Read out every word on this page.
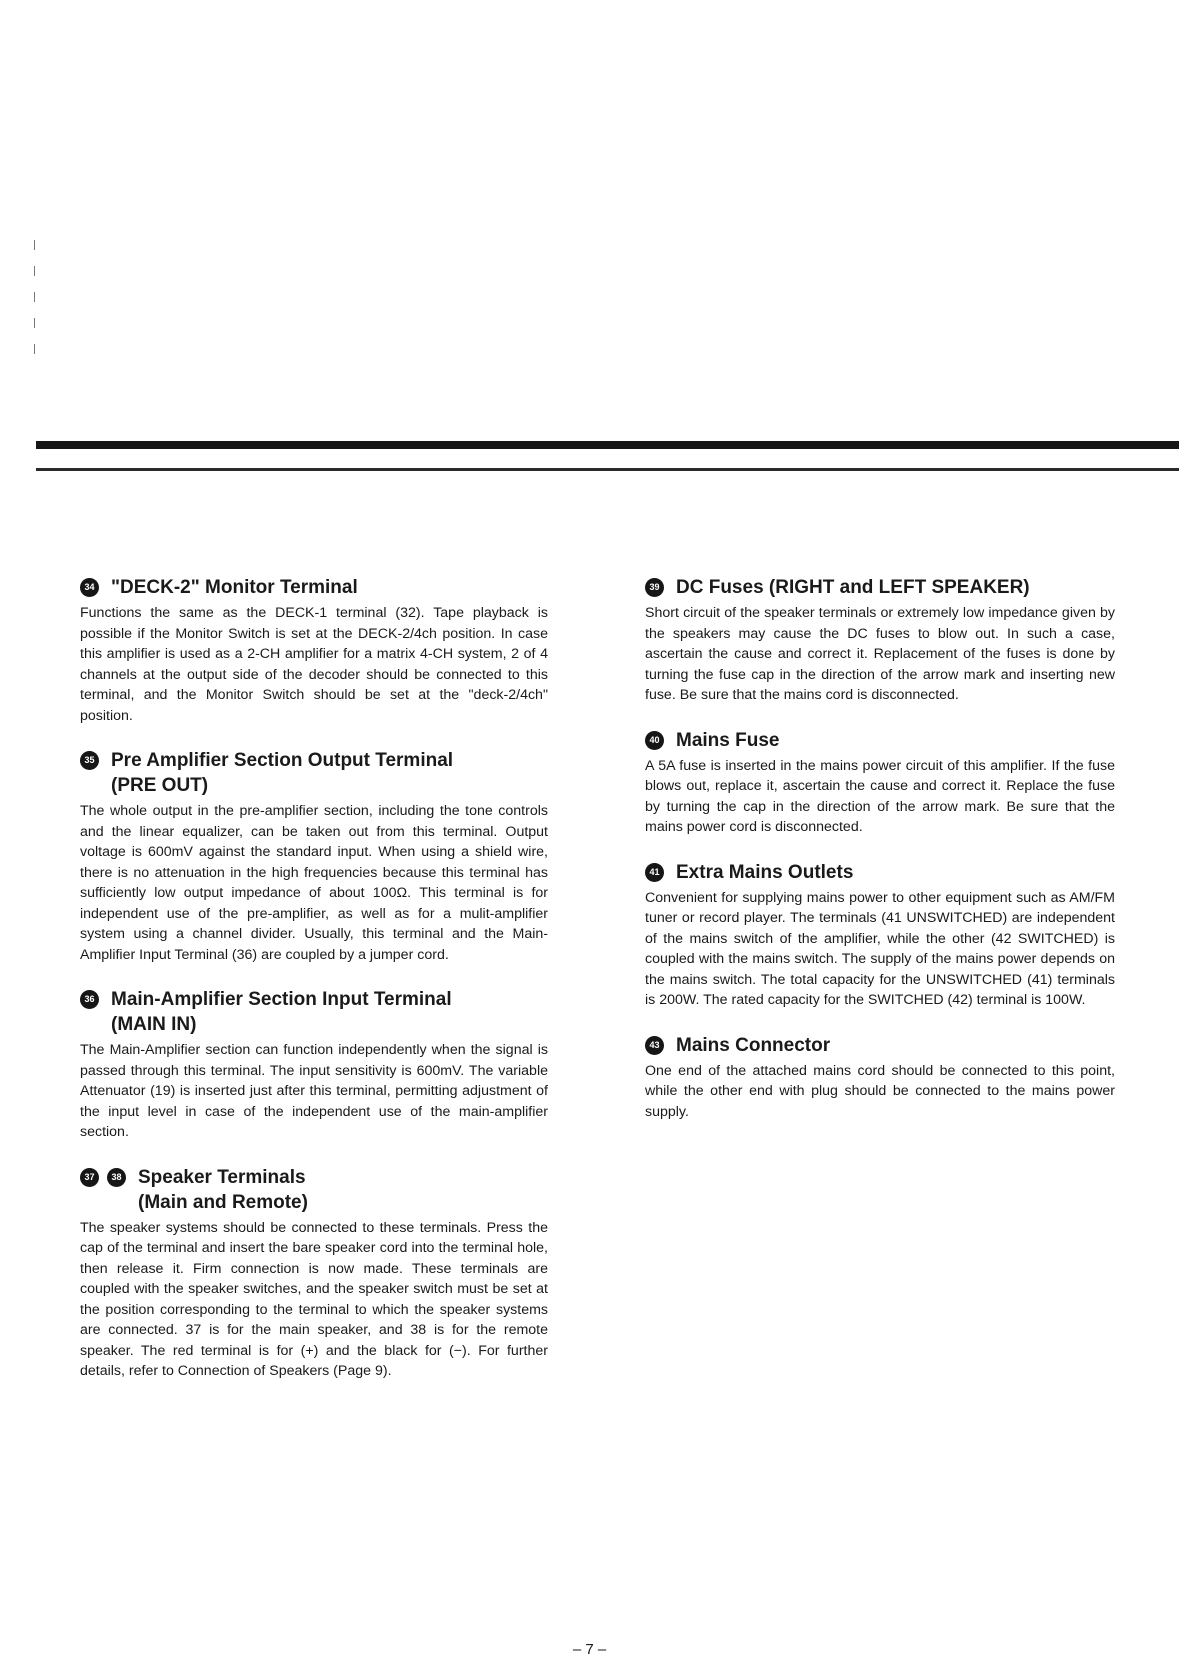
34 "DECK-2" Monitor Terminal

Functions the same as the DECK-1 terminal (32). Tape playback is possible if the Monitor Switch is set at the DECK-2/4ch position. In case this amplifier is used as a 2-CH amplifier for a matrix 4-CH system, 2 of 4 channels at the output side of the decoder should be connected to this terminal, and the Monitor Switch should be set at the "deck-2/4ch" position.

35 Pre Amplifier Section Output Terminal
(PRE OUT)

The whole output in the pre-amplifier section, including the tone controls and the linear equalizer, can be taken out from this terminal. Output voltage is 600mV against the standard input. When using a shield wire, there is no attenuation in the high frequencies because this terminal has sufficiently low output impedance of about 100Ω. This terminal is for independent use of the pre-amplifier, as well as for a mulit-amplifier system using a channel divider. Usually, this terminal and the Main-Amplifier Input Terminal (36) are coupled by a jumper cord.

36 Main-Amplifier Section Input Terminal
(MAIN IN)

The Main-Amplifier section can function independently when the signal is passed through this terminal. The input sensitivity is 600mV. The variable Attenuator (19) is inserted just after this terminal, permitting adjustment of the input level in case of the independent use of the main-amplifier section.

37	38 Speaker Terminals
(Main and Remote)

The speaker systems should be connected to these terminals. Press the cap of the terminal and insert the bare speaker cord into the terminal hole, then release it. Firm connection is now made. These terminals are coupled with the speaker switches, and the speaker switch must be set at the position corresponding to the terminal to which the speaker systems are connected. 37 is for the main speaker, and 38 is for the remote speaker. The red terminal is for (+) and the black for (−). For further details, refer to Connection of Speakers (Page 9).

39 DC Fuses (RIGHT and LEFT SPEAKER)

Short circuit of the speaker terminals or extremely low impedance given by the speakers may cause the DC fuses to blow out. In such a case, ascertain the cause and correct it. Replacement of the fuses is done by turning the fuse cap in the direction of the arrow mark and inserting new fuse. Be sure that the mains cord is disconnected.

40 Mains Fuse

A 5A fuse is inserted in the mains power circuit of this amplifier. If the fuse blows out, replace it, ascertain the cause and correct it. Replace the fuse by turning the cap in the direction of the arrow mark. Be sure that the mains power cord is disconnected.

41 Extra Mains Outlets

Convenient for supplying mains power to other equipment such as AM/FM tuner or record player. The terminals (41 UNSWITCHED) are independent of the mains switch of the amplifier, while the other (42 SWITCHED) is coupled with the mains switch. The supply of the mains power depends on the mains switch. The total capacity for the UNSWITCHED (41) terminals is 200W. The rated capacity for the SWITCHED (42) terminal is 100W.

43 Mains Connector

One end of the attached mains cord should be connected to this point, while the other end with plug should be connected to the mains power supply.

– 7 –
